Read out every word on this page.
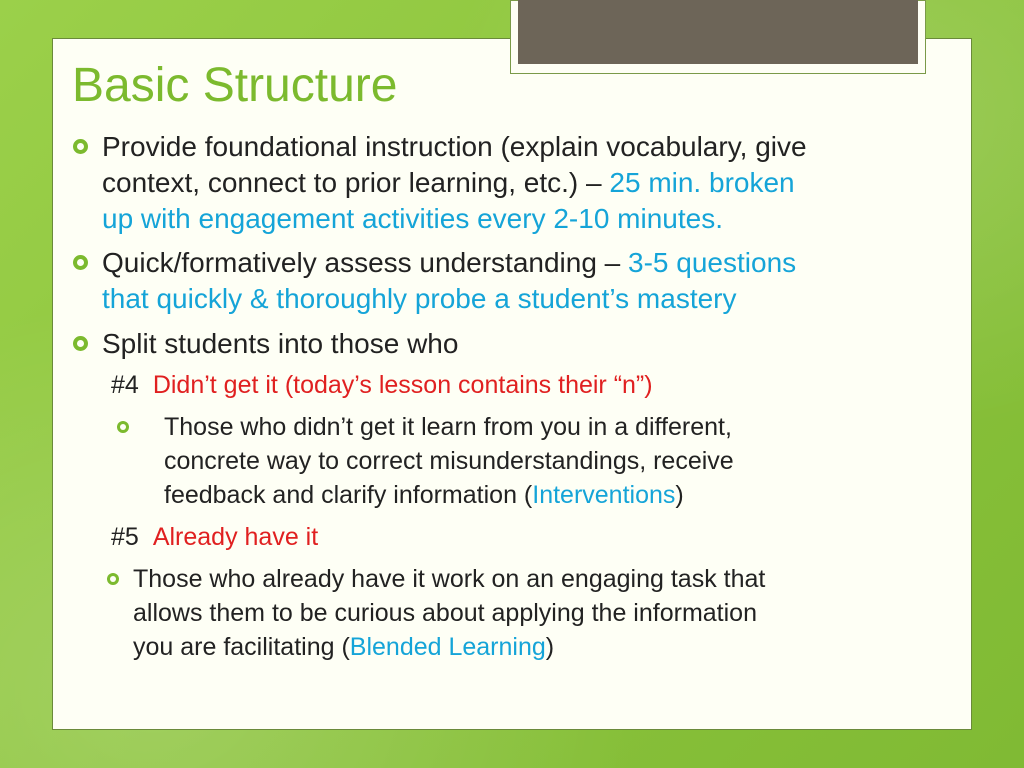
Basic Structure
Provide foundational instruction (explain vocabulary, give
context, connect to prior learning, etc.) – 25 min. broken
up with engagement activities every 2-10 minutes.
Quick/formatively assess understanding – 3-5 questions
that quickly & thoroughly probe a student’s mastery
Split students into those who
#4 Didn’t get it (today’s lesson contains their “n”)
Those who didn’t get it learn from you in a different,
concrete way to correct misunderstandings, receive
feedback and clarify information (Interventions)
#5 Already have it
Those who already have it work on an engaging task that
allows them to be curious about applying the information
you are facilitating (Blended Learning)
